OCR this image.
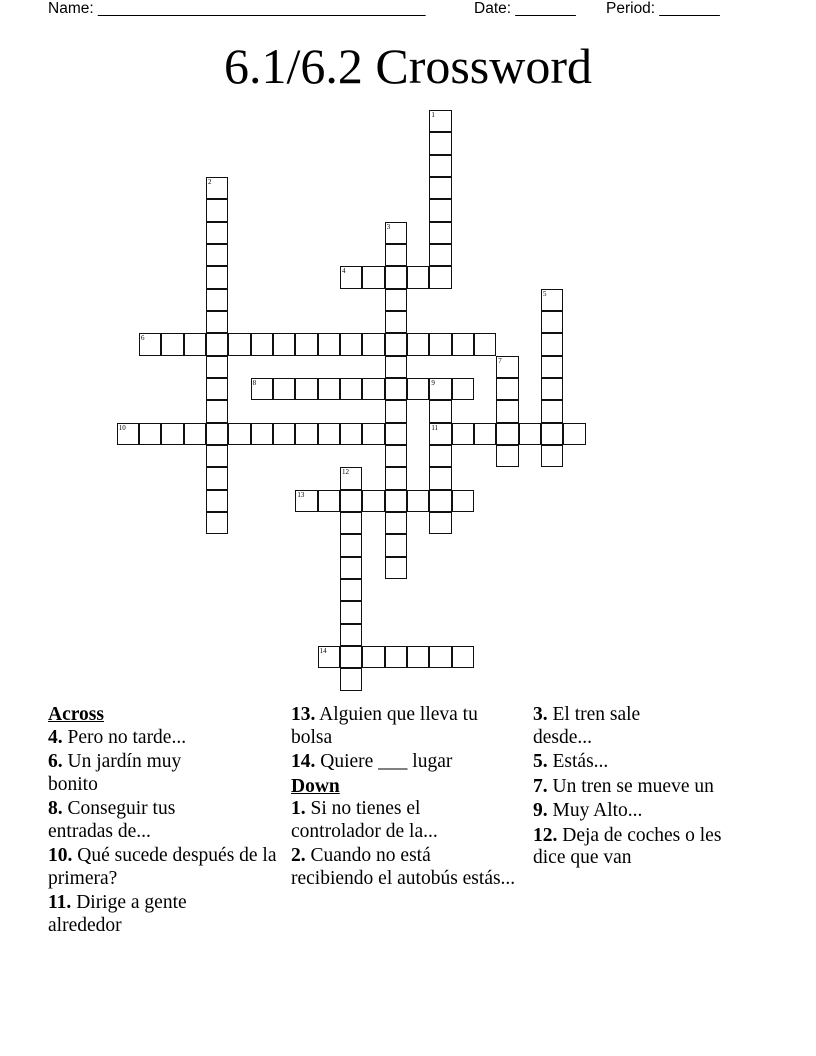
Name: ______________________________________	Date: _______ Period: _______
6.1/6.2 Crossword
1
2
3
4
5
6
7
8	9
11
10
12
13
14
Across
4. Pero no tarde...
6. Un jardín muy bonito
8. Conseguir tus entradas de...
10. Qué sucede después de la primera?
11. Dirige a gente alrededor
13. Alguien que lleva tu bolsa
14. Quiere ___ lugar
Down
1. Si no tienes el controlador de la...
2. Cuando no está recibiendo el autobús estás...
3. El tren sale desde...
5. Estás...
7. Un tren se mueve un
9. Muy Alto...
12. Deja de coches o les dice que van
